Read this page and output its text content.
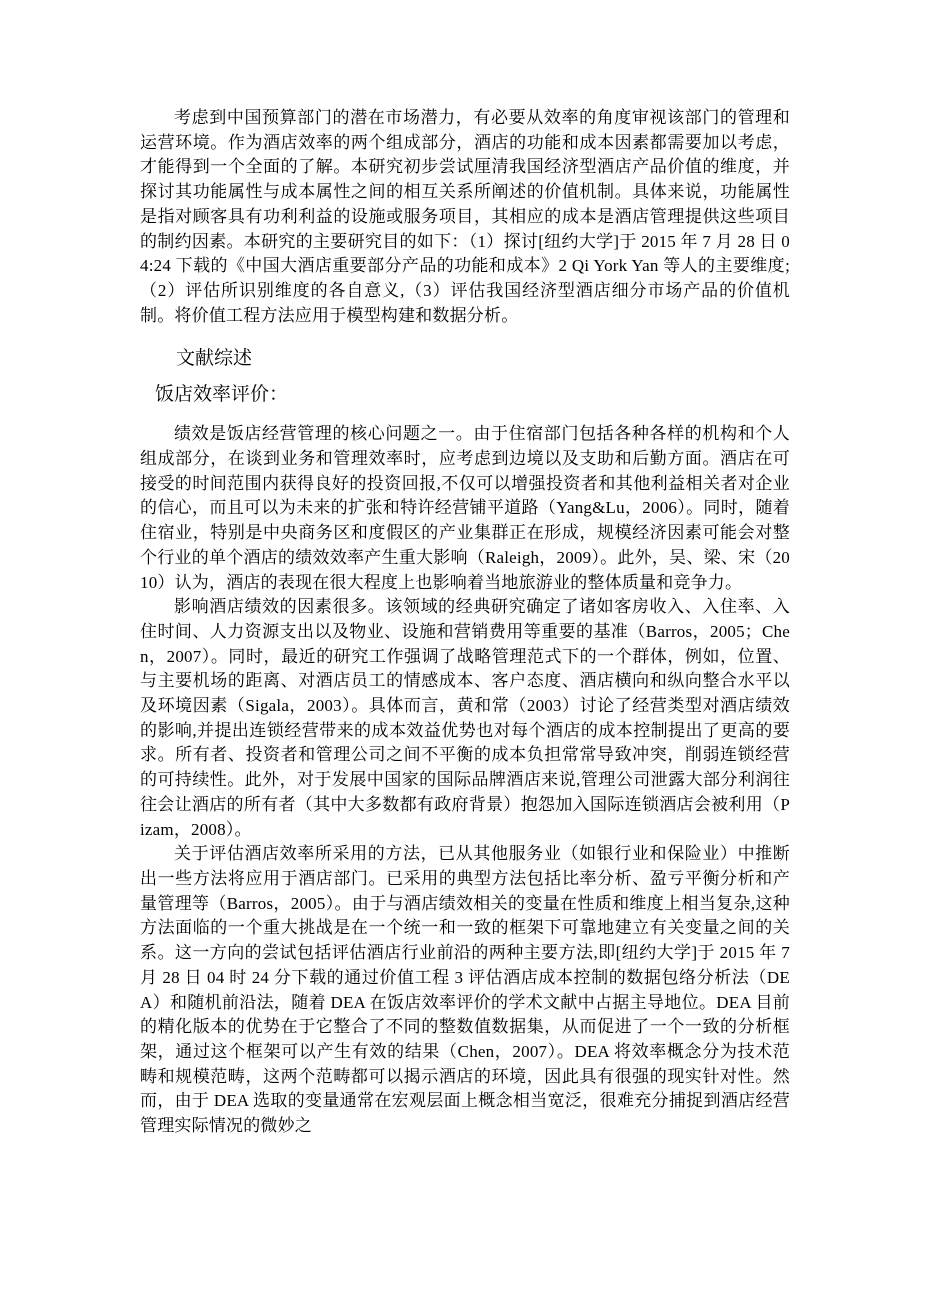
考虑到中国预算部门的潜在市场潜力，有必要从效率的角度审视该部门的管理和运营环境。作为酒店效率的两个组成部分，酒店的功能和成本因素都需要加以考虑，才能得到一个全面的了解。本研究初步尝试厘清我国经济型酒店产品价值的维度，并探讨其功能属性与成本属性之间的相互关系所阐述的价值机制。具体来说，功能属性是指对顾客具有功利利益的设施或服务项目，其相应的成本是酒店管理提供这些项目的制约因素。本研究的主要研究目的如下：（1）探讨[纽约大学]于 2015 年 7 月 28 日 04:24 下载的《中国大酒店重要部分产品的功能和成本》2 Qi York Yan 等人的主要维度;（2）评估所识别维度的各自意义,（3）评估我国经济型酒店细分市场产品的价值机制。将价值工程方法应用于模型构建和数据分析。

文献综述
饭店效率评价：

绩效是饭店经营管理的核心问题之一。由于住宿部门包括各种各样的机构和个人组成部分，在谈到业务和管理效率时，应考虑到边境以及支助和后勤方面。酒店在可接受的时间范围内获得良好的投资回报,不仅可以增强投资者和其他利益相关者对企业的信心，而且可以为未来的扩张和特许经营铺平道路（Yang&Lu，2006）。同时，随着住宿业，特别是中央商务区和度假区的产业集群正在形成，规模经济因素可能会对整个行业的单个酒店的绩效效率产生重大影响（Raleigh，2009）。此外，吴、梁、宋（2010）认为，酒店的表现在很大程度上也影响着当地旅游业的整体质量和竞争力。

影响酒店绩效的因素很多。该领域的经典研究确定了诸如客房收入、入住率、入住时间、人力资源支出以及物业、设施和营销费用等重要的基准（Barros，2005；Chen，2007）。同时，最近的研究工作强调了战略管理范式下的一个群体，例如，位置、与主要机场的距离、对酒店员工的情感成本、客户态度、酒店横向和纵向整合水平以及环境因素（Sigala，2003）。具体而言，黄和常（2003）讨论了经营类型对酒店绩效的影响,并提出连锁经营带来的成本效益优势也对每个酒店的成本控制提出了更高的要求。所有者、投资者和管理公司之间不平衡的成本负担常常导致冲突，削弱连锁经营的可持续性。此外，对于发展中国家的国际品牌酒店来说,管理公司泄露大部分利润往往会让酒店的所有者（其中大多数都有政府背景）抱怨加入国际连锁酒店会被利用（Pizam，2008）。

关于评估酒店效率所采用的方法，已从其他服务业（如银行业和保险业）中推断出一些方法将应用于酒店部门。已采用的典型方法包括比率分析、盈亏平衡分析和产量管理等（Barros，2005）。由于与酒店绩效相关的变量在性质和维度上相当复杂,这种方法面临的一个重大挑战是在一个统一和一致的框架下可靠地建立有关变量之间的关系。这一方向的尝试包括评估酒店行业前沿的两种主要方法,即[纽约大学]于 2015 年 7 月 28 日 04 时 24 分下载的通过价值工程 3 评估酒店成本控制的数据包络分析法（DEA）和随机前沿法，随着 DEA 在饭店效率评价的学术文献中占据主导地位。DEA 目前的精化版本的优势在于它整合了不同的整数值数据集，从而促进了一个一致的分析框架，通过这个框架可以产生有效的结果（Chen，2007）。DEA 将效率概念分为技术范畴和规模范畴，这两个范畴都可以揭示酒店的环境，因此具有很强的现实针对性。然而，由于 DEA 选取的变量通常在宏观层面上概念相当宽泛，很难充分捕捉到酒店经营管理实际情况的微妙之
